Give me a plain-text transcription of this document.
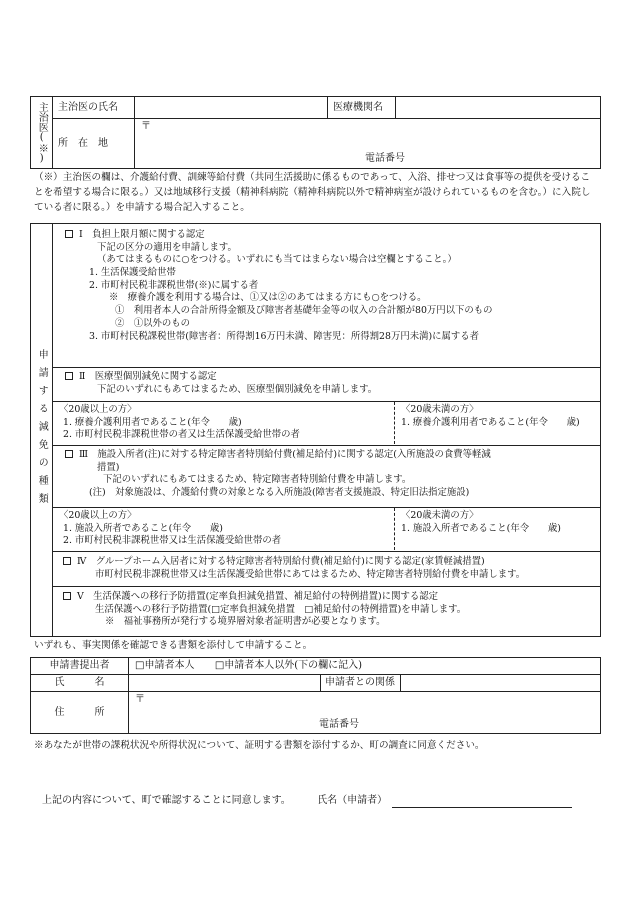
主治医(※)	主治医の氏名		医療機関名	
	所　在　地	〒
電話番号		
（※）主治医の欄は、介護給付費、訓練等給付費（共同生活援助に係るものであって、入浴、排せつ又は食事等の提供を受けることを希望する場合に限る。）又は地域移行支援（精神科病院（精神科病院以外で精神病室が設けられているものを含む。）に入院している者に限る。）を申請する場合記入すること。
申請する減免の種類	
Ⅰ　負担上限月額に関する認定
下記の区分の適用を申請します。
（あてはまるものに○をつける。いずれにも当てはまらない場合は空欄とすること。）
1. 生活保護受給世帯
2. 市町村民税非課税世帯(※)に属する者
※　療養介護を利用する場合は、①又は②のあてはまる方にも○をつける。
①　利用者本人の合計所得金額及び障害者基礎年金等の収入の合計額が80万円以下のもの
②　①以外のもの
3. 市町村民税課税世帯(障害者：所得割16万円未満、障害児：所得割28万円未満)に属する者

Ⅱ　医療型個別減免に関する認定
下記のいずれにもあてはまるため、医療型個別減免を申請します。

〈20歳以上の方〉
1. 療養介護利用者であること(年令　　歳)
2. 市町村民税非課税世帯の者又は生活保護受給世帯の者
〈20歳未満の方〉
1. 療養介護利用者であること(年令　　歳)

Ⅲ　施設入所者(注)に対する特定障害者特別給付費(補足給付)に関する認定(入所施設の食費等軽減
措置)
下記のいずれにもあてはまるため、特定障害者特別給付費を申請します。
(注)　対象施設は、介護給付費の対象となる入所施設(障害者支援施設、特定旧法指定施設)

〈20歳以上の方〉
1. 施設入所者であること(年令　　歳)
2. 市町村民税非課税世帯又は生活保護受給世帯の者
〈20歳未満の方〉
1. 施設入所者であること(年令　　歳)

Ⅳ　グループホーム入居者に対する特定障害者特別給付費(補足給付)に関する認定(家賃軽減措置)
市町村民税非課税世帯又は生活保護受給世帯にあてはまるため、特定障害者特別給付費を申請します。
Ⅴ　生活保護への移行予防措置(定率負担減免措置、補足給付の特例措置)に関する認定
生活保護への移行予防措置(□定率負担減免措置　□補足給付の特例措置)を申請します。
※　福祉事務所が発行する境界層対象者証明書が必要となります。
いずれも、事実関係を確認できる書類を添付して申請すること。
申請書提出者	□申請者本人 □申請者本人以外(下の欄に記入)		
氏　　　名		申請者との関係	
住　　　所	〒
電話番号		
※あなたが世帯の課税状況や所得状況について、証明する書類を添付するか、町の調査に同意ください。
上記の内容について、町で確認することに同意します。	氏名（申請者）
